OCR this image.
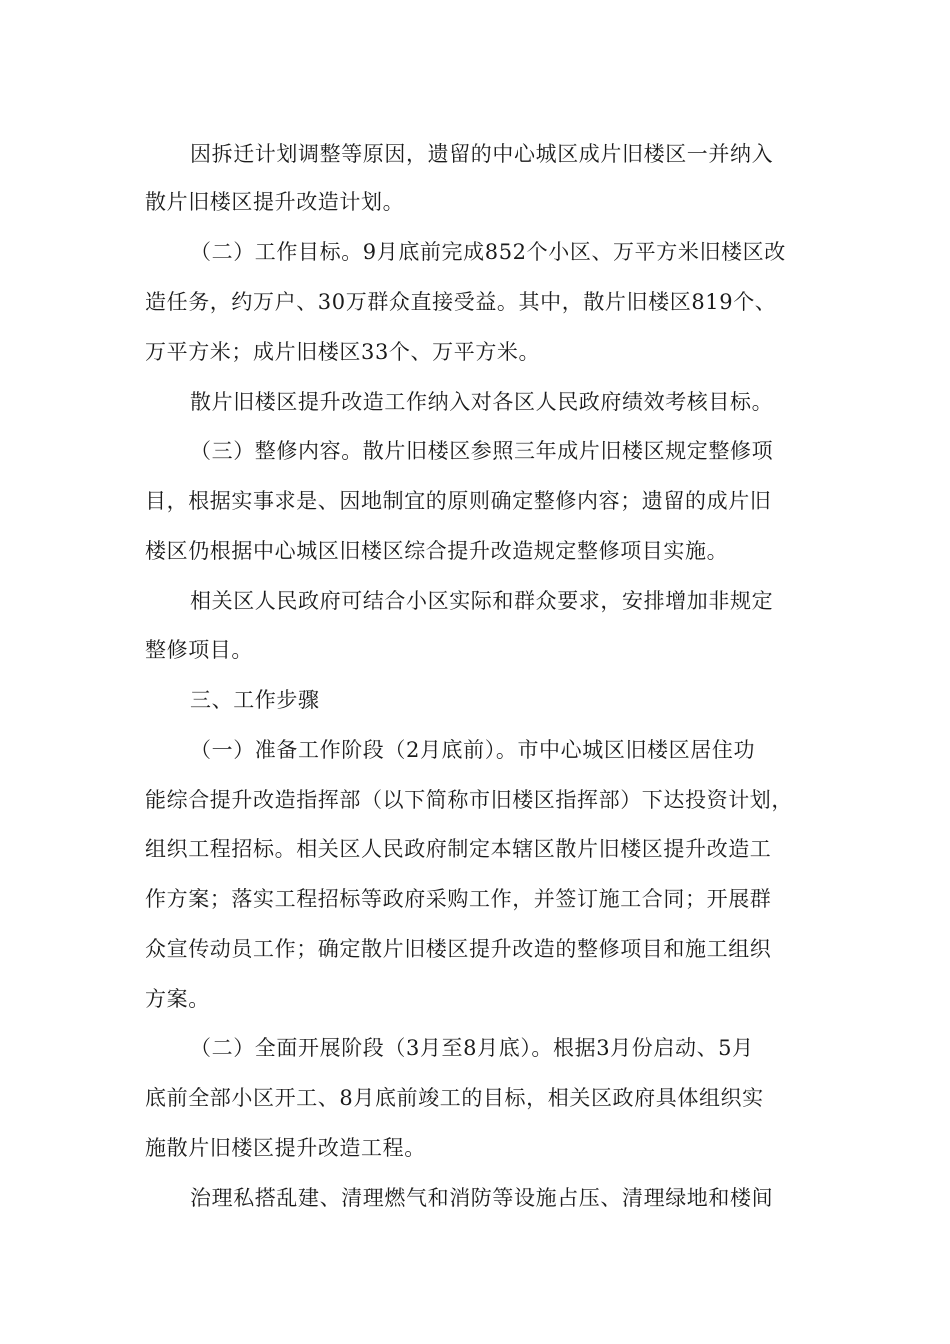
因拆迁计划调整等原因，遗留的中心城区成片旧楼区一并纳入
散片旧楼区提升改造计划。
（二）工作目标。9月底前完成852个小区、万平方米旧楼区改
造任务，约万户、30万群众直接受益。其中，散片旧楼区819个、
万平方米；成片旧楼区33个、万平方米。
散片旧楼区提升改造工作纳入对各区人民政府绩效考核目标。
（三）整修内容。散片旧楼区参照三年成片旧楼区规定整修项
目，根据实事求是、因地制宜的原则确定整修内容；遗留的成片旧
楼区仍根据中心城区旧楼区综合提升改造规定整修项目实施。
相关区人民政府可结合小区实际和群众要求，安排增加非规定
整修项目。
三、工作步骤
（一）准备工作阶段（2月底前）。市中心城区旧楼区居住功
能综合提升改造指挥部（以下简称市旧楼区指挥部）下达投资计划，
组织工程招标。相关区人民政府制定本辖区散片旧楼区提升改造工
作方案；落实工程招标等政府采购工作，并签订施工合同；开展群
众宣传动员工作；确定散片旧楼区提升改造的整修项目和施工组织
方案。
（二）全面开展阶段（3月至8月底）。根据3月份启动、5月
底前全部小区开工、8月底前竣工的目标，相关区政府具体组织实
施散片旧楼区提升改造工程。
治理私搭乱建、清理燃气和消防等设施占压、清理绿地和楼间
